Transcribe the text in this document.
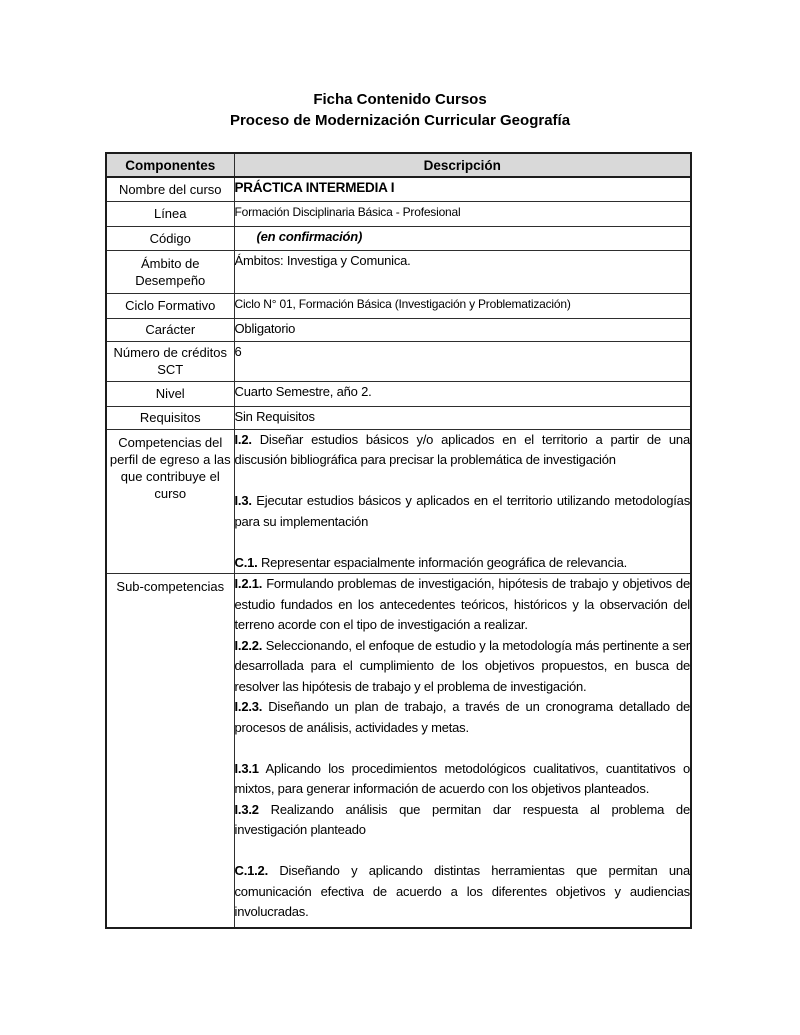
Ficha Contenido Cursos
Proceso de Modernización Curricular Geografía
Componentes	Descripción
Nombre del curso	PRÁCTICA INTERMEDIA I

Línea	Formación Disciplinaria Básica - Profesional

Código	(en confirmación)

Ámbito de Desempeño	Ámbitos: Investiga y Comunica.

Ciclo Formativo	Ciclo N° 01, Formación Básica (Investigación y Problematización)

Carácter	Obligatorio

Número de créditos SCT	6

Nivel	Cuarto Semestre, año 2.

Requisitos	Sin Requisitos

Competencias del perfil de egreso a las que contribuye el curso	I.2. Diseñar estudios básicos y/o aplicados en el territorio a partir de una discusión bibliográfica para precisar la problemática de investigación

I.3. Ejecutar estudios básicos y aplicados en el territorio utilizando metodologías para su implementación

C.1. Representar espacialmente información geográfica de relevancia.

Sub-competencias	I.2.1. Formulando problemas de investigación, hipótesis de trabajo y objetivos de estudio fundados en los antecedentes teóricos, históricos y la observación del terreno acorde con el tipo de investigación a realizar.

I.2.2. Seleccionando, el enfoque de estudio y la metodología más pertinente a ser desarrollada para el cumplimiento de los objetivos propuestos, en busca de resolver las hipótesis de trabajo y el problema de investigación.

I.2.3. Diseñando un plan de trabajo, a través de un cronograma detallado de procesos de análisis, actividades y metas.

I.3.1 Aplicando los procedimientos metodológicos cualitativos, cuantitativos o mixtos, para generar información de acuerdo con los objetivos planteados.

I.3.2 Realizando análisis que permitan dar respuesta al problema de investigación planteado

C.1.2. Diseñando y aplicando distintas herramientas que permitan una comunicación efectiva de acuerdo a los diferentes objetivos y audiencias involucradas.
